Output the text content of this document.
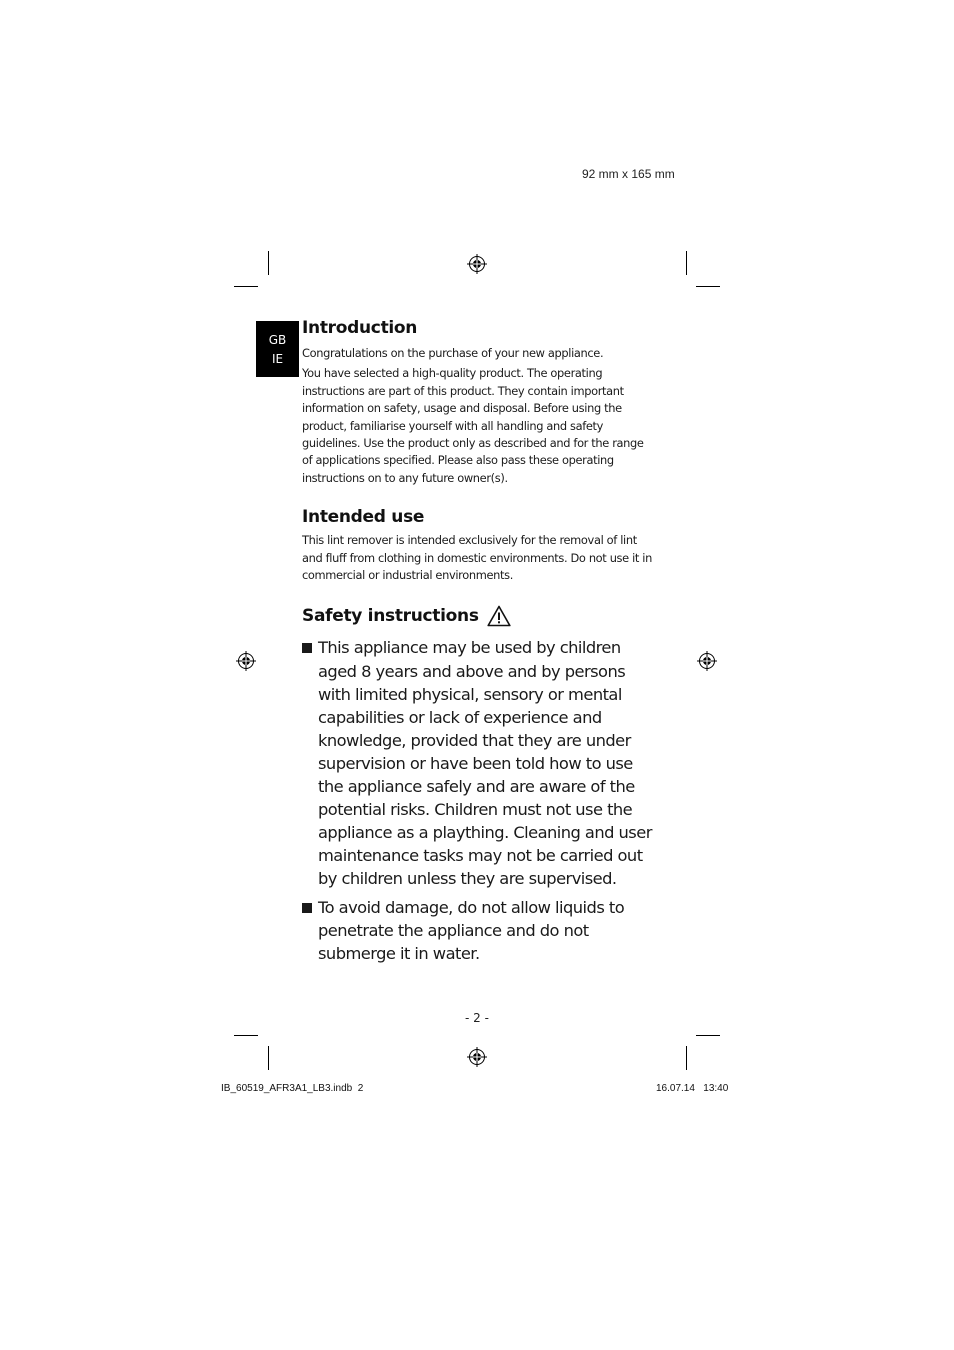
92 mm x 165 mm
GB
IE
Introduction

Congratulations on the purchase of your new appliance.

You have selected a high-quality product. The operating instructions are part of this product. They contain important information on safety, usage and disposal. Before using the product, familiarise yourself with all handling and safety guidelines. Use the product only as described and for the range of applications specified. Please also pass these operating instructions on to any future owner(s).

Intended use

This lint remover is intended exclusively for the removal of lint and fluff from clothing in domestic environments. Do not use it in commercial or industrial environments.

Safety instructions
This appliance may be used by children aged 8 years and above and by persons with limited physical, sensory or mental capabilities or lack of experience and knowledge, provided that they are under supervision or have been told how to use the appliance safely and are aware of the potential risks. Children must not use the appliance as a plaything. Cleaning and user maintenance tasks may not be carried out by children unless they are supervised.
To avoid damage, do not allow liquids to penetrate the appliance and do not submerge it in water.
- 2 -
IB_60519_AFR3A1_LB3.indb 2	16.07.14 13:40
